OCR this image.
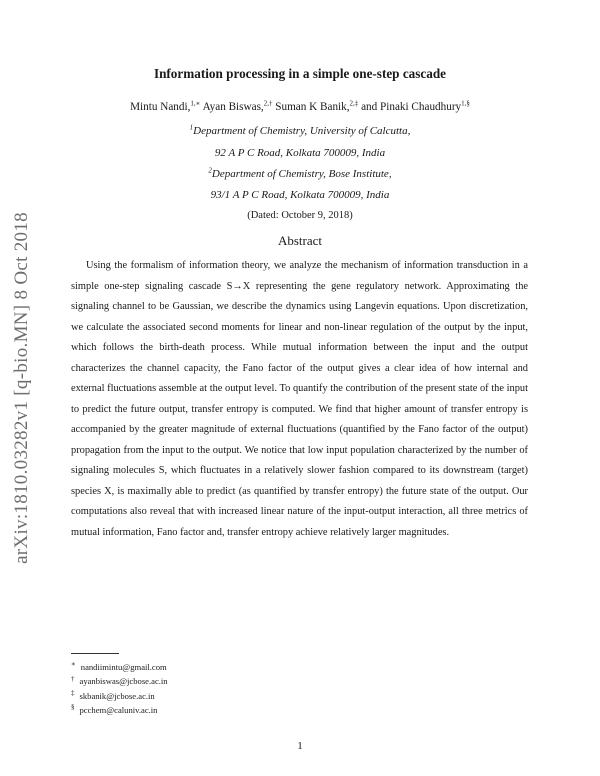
arXiv:1810.03282v1 [q-bio.MN] 8 Oct 2018
Information processing in a simple one-step cascade
Mintu Nandi,$^{1,∗}$ Ayan Biswas,$^{2,\dagger}$ Suman K Banik,$^{2,\ddagger}$ and Pinaki Chaudhury$^{1,\S}$
$^1$Department of Chemistry, University of Calcutta,
92 A P C Road, Kolkata 700009, India
$^2$Department of Chemistry, Bose Institute,
93/1 A P C Road, Kolkata 700009, India
(Dated: October 9, 2018)
Abstract

Using the formalism of information theory, we analyze the mechanism of information transduction in a simple one-step signaling cascade S→X representing the gene regulatory network. Approximating the signaling channel to be Gaussian, we describe the dynamics using Langevin equations. Upon discretization, we calculate the associated second moments for linear and non-linear regulation of the output by the input, which follows the birth-death process. While mutual information between the input and the output characterizes the channel capacity, the Fano factor of the output gives a clear idea of how internal and external fluctuations assemble at the output level. To quantify the contribution of the present state of the input to predict the future output, transfer entropy is computed. We find that higher amount of transfer entropy is accompanied by the greater magnitude of external fluctuations (quantified by the Fano factor of the output) propagation from the input to the output. We notice that low input population characterized by the number of signaling molecules S, which fluctuates in a relatively slower fashion compared to its downstream (target) species X, is maximally able to predict (as quantified by transfer entropy) the future state of the output. Our computations also reveal that with increased linear nature of the input-output interaction, all three metrics of mutual information, Fano factor and, transfer entropy achieve relatively larger magnitudes.

∗ nandiimintu@gmail.com
† ayanbiswas@jcbose.ac.in
‡ skbanik@jcbose.ac.in
§ pcchem@caluniv.ac.in
1
